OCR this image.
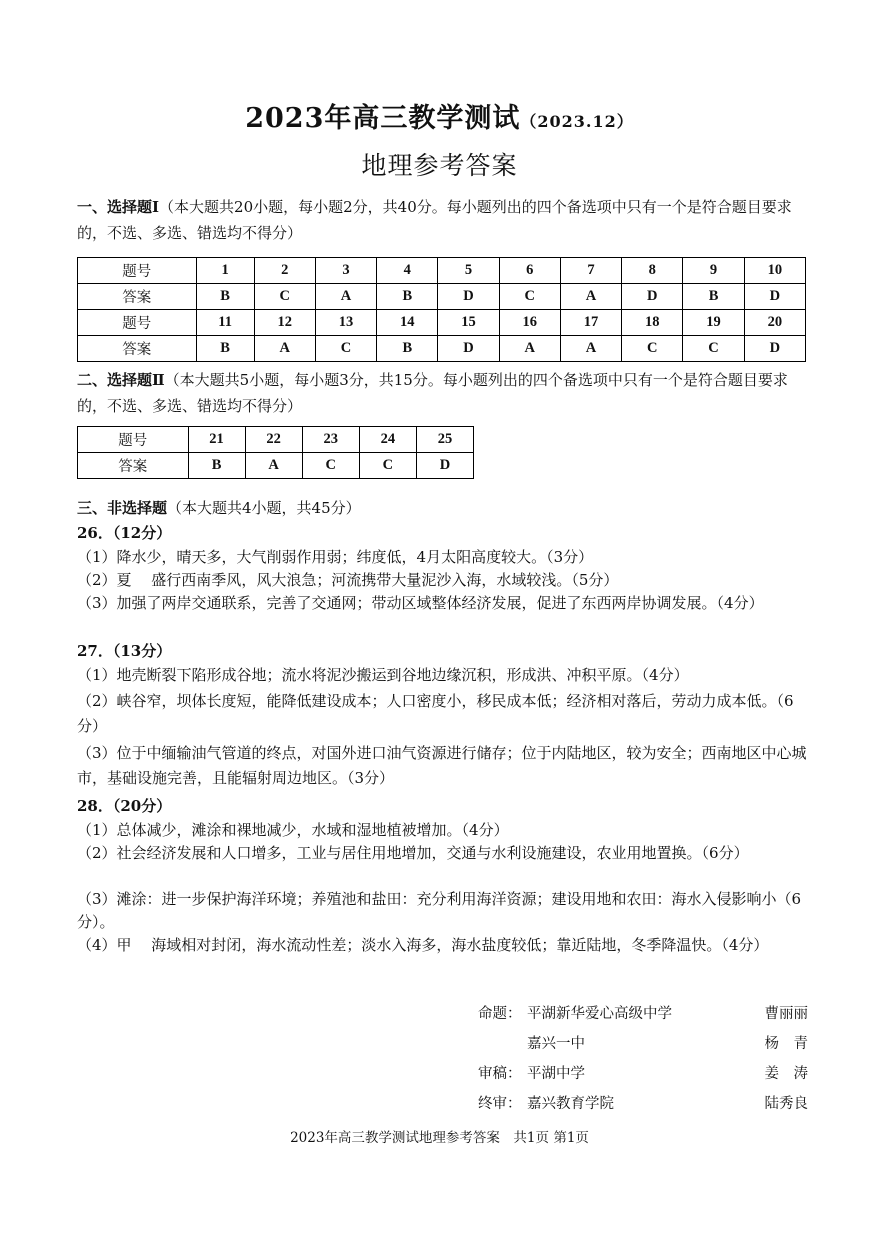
2023年高三教学测试（2023.12）
地理参考答案
一、选择题Ⅰ（本大题共20小题，每小题2分，共40分。每小题列出的四个备选项中只有一个是符合题目要求的，不选、多选、错选均不得分）
题号	1	2	3	4	5	6	7	8	9	10
答案	B	C	A	B	D	C	A	D	B	D
题号	11	12	13	14	15	16	17	18	19	20
答案	B	A	C	B	D	A	A	C	C	D
二、选择题Ⅱ（本大题共5小题，每小题3分，共15分。每小题列出的四个备选项中只有一个是符合题目要求的，不选、多选、错选均不得分）
题号	21	22	23	24	25
答案	B	A	C	C	D
三、非选择题（本大题共4小题，共45分）
26．（12分）
（1）降水少，晴天多，大气削弱作用弱；纬度低，4月太阳高度较大。（3分）
（2）夏　 盛行西南季风，风大浪急；河流携带大量泥沙入海，水域较浅。（5分）
（3）加强了两岸交通联系，完善了交通网；带动区域整体经济发展，促进了东西两岸协调发展。（4分）
27．（13分）
（1）地壳断裂下陷形成谷地；流水将泥沙搬运到谷地边缘沉积，形成洪、冲积平原。（4分）
（2）峡谷窄，坝体长度短，能降低建设成本；人口密度小，移民成本低；经济相对落后，劳动力成本低。（6分）
（3）位于中缅输油气管道的终点，对国外进口油气资源进行储存；位于内陆地区，较为安全；西南地区中心城市，基础设施完善，且能辐射周边地区。（3分）
28．（20分）
（1）总体减少，滩涂和裸地减少，水域和湿地植被增加。（4分）
（2）社会经济发展和人口增多，工业与居住用地增加，交通与水利设施建设，农业用地置换。（6分）
（3）滩涂：进一步保护海洋环境；养殖池和盐田：充分利用海洋资源；建设用地和农田：海水入侵影响小（6分）。
（4）甲　 海域相对封闭，海水流动性差；淡水入海多，海水盐度较低；靠近陆地，冬季降温快。（4分）
命题： 平湖新华爱心高级中学	曹丽丽
嘉兴一中	杨　青
审稿： 平湖中学	姜　涛
终审： 嘉兴教育学院	陆秀良
2023年高三教学测试地理参考答案　共1页 第1页
